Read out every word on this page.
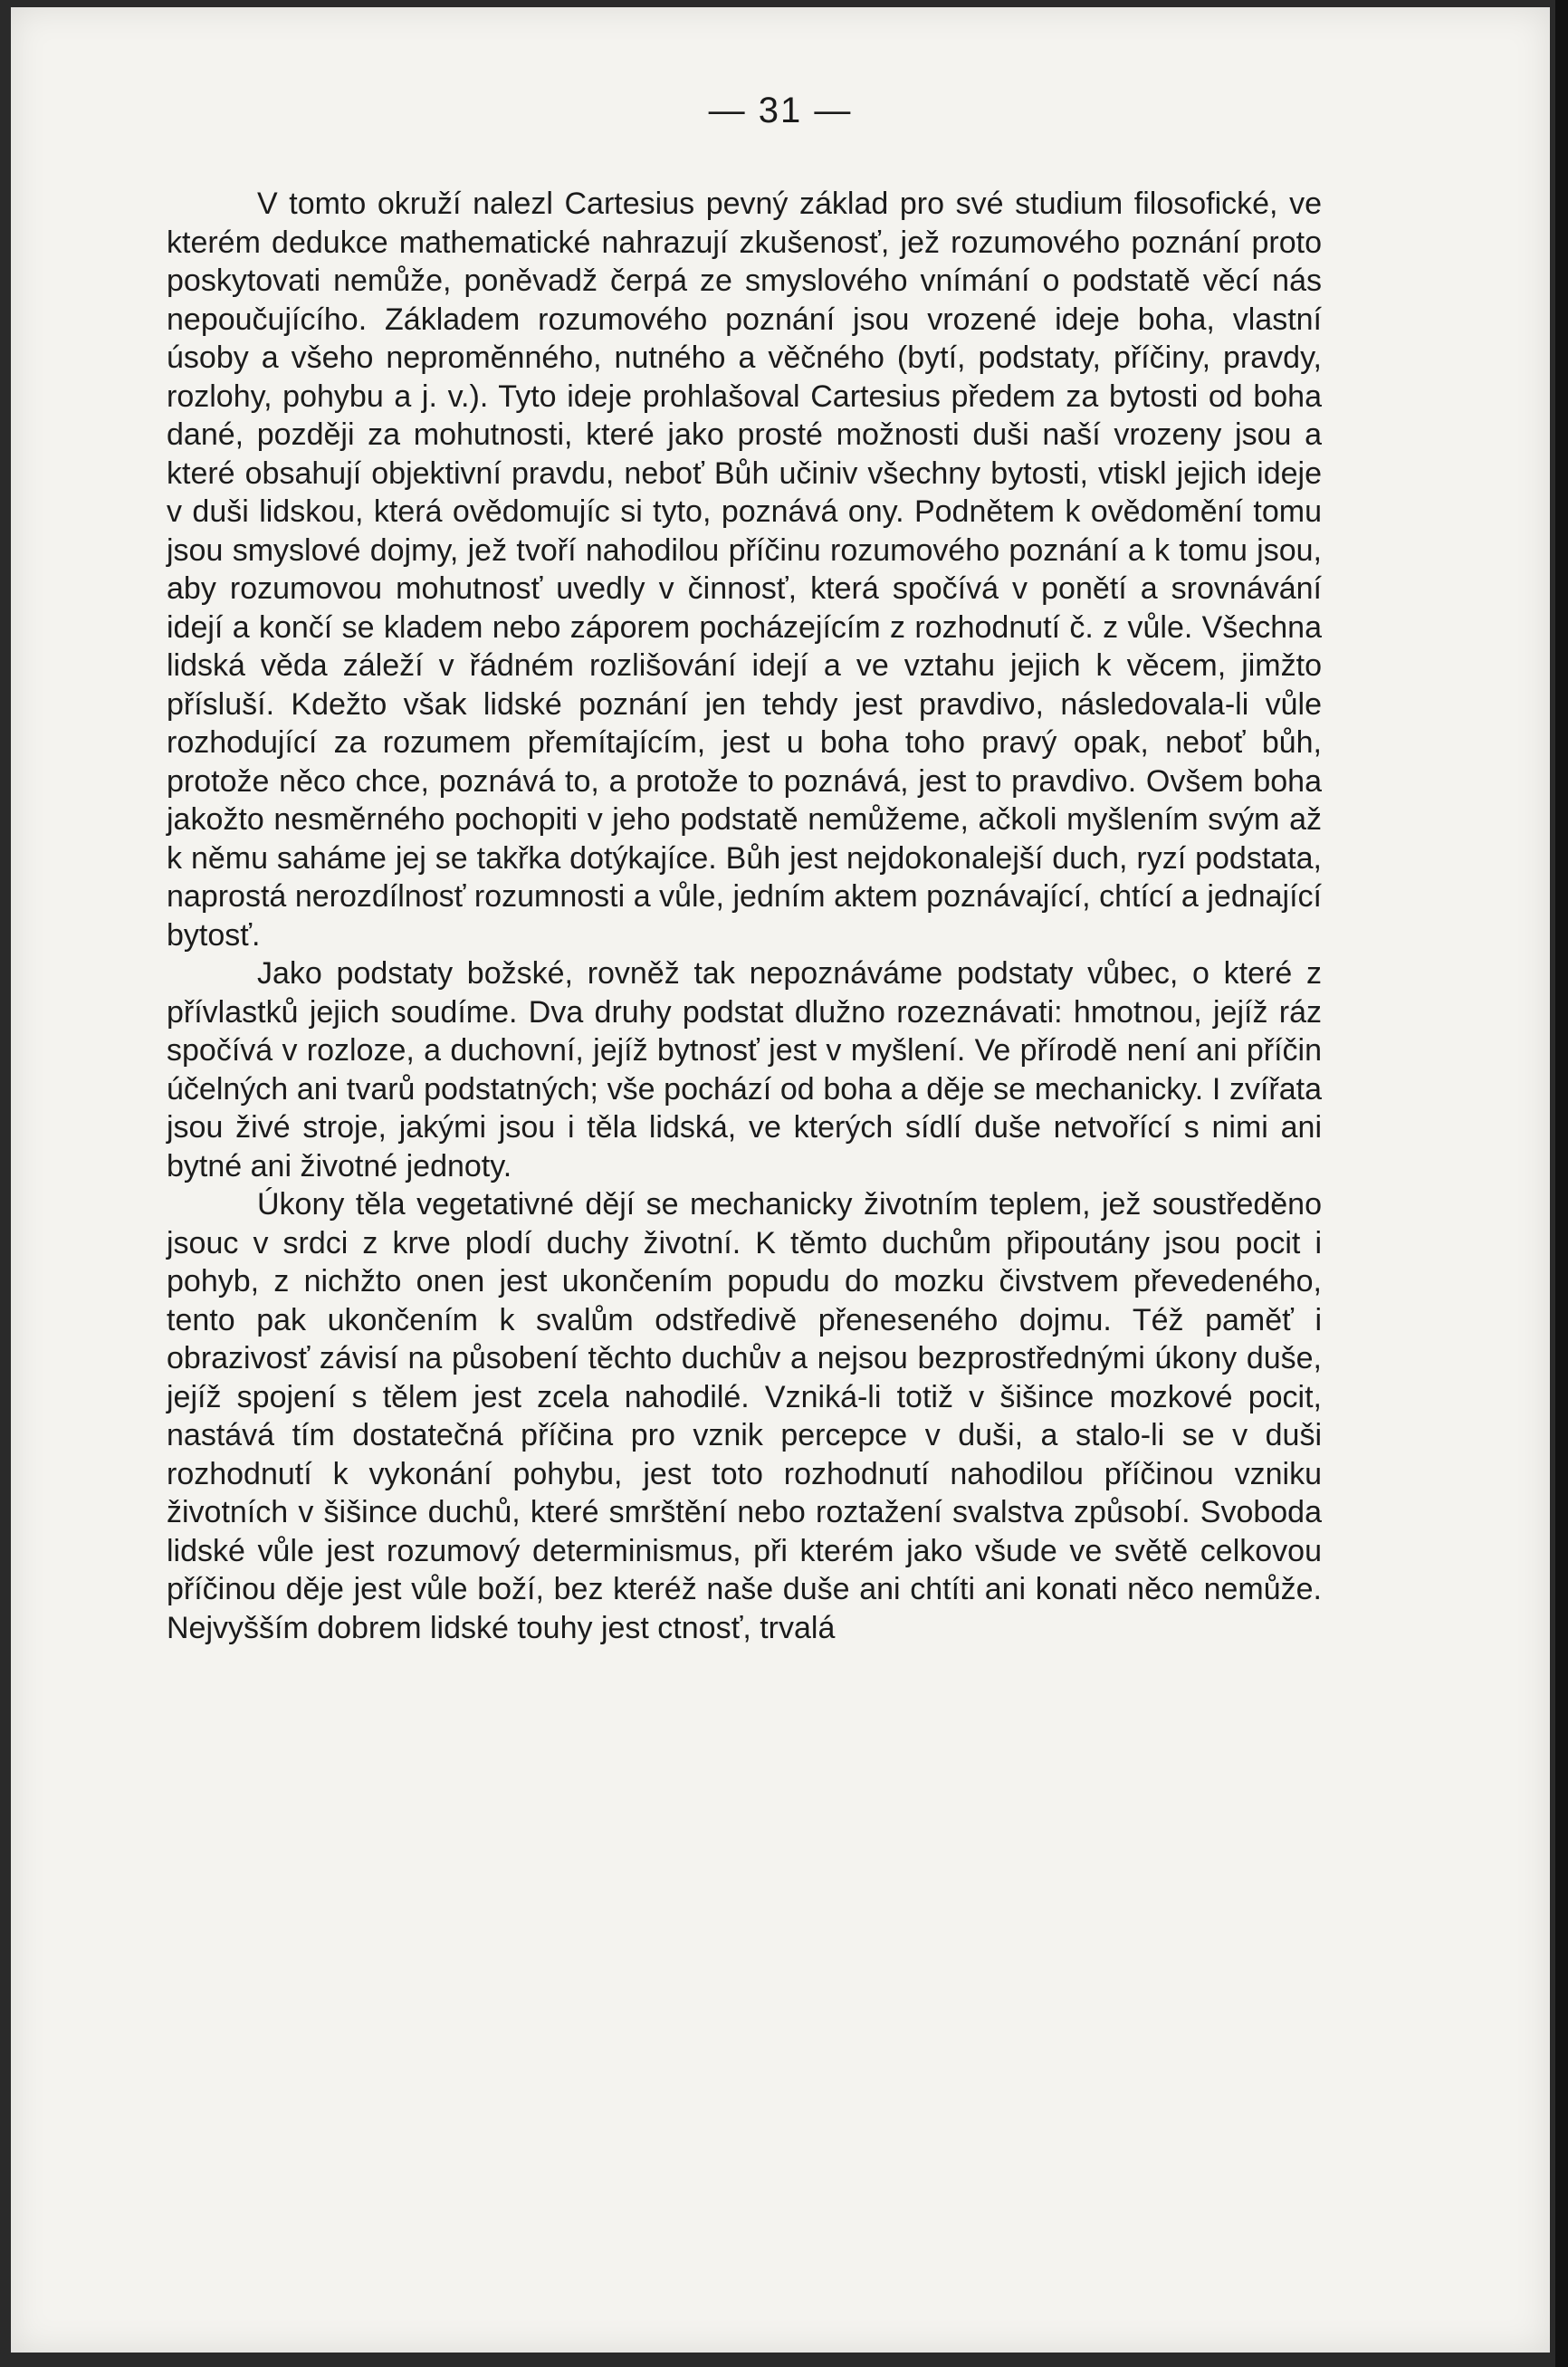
— 31 —

V tomto okruží nalezl Cartesius pevný základ pro své studium filosofické, ve kterém dedukce mathematické nahrazují zkušenosť, jež rozumového poznání proto poskytovati nemůže, poněvadž čerpá ze smyslového vnímání o podstatě věcí nás nepoučujícího. Základem rozumového poznání jsou vrozené ideje boha, vlastní úsoby a všeho nepromĕnného, nutného a věčného (bytí, podstaty, příčiny, pravdy, rozlohy, pohybu a j. v.). Tyto ideje prohlašoval Cartesius předem za bytosti od boha dané, později za mohutnosti, které jako prosté možnosti duši naší vrozeny jsou a které obsahují objektivní pravdu, neboť Bůh učiniv všechny bytosti, vtiskl jejich ideje v duši lidskou, která ovědomujíc si tyto, poznává ony. Podnětem k ovědomění tomu jsou smyslové dojmy, jež tvoří nahodilou příčinu rozumového poznání a k tomu jsou, aby rozumovou mohutnosť uvedly v činnosť, která spočívá v ponětí a srovnávání idejí a končí se kladem nebo záporem pocházejícím z rozhodnutí č. z vůle. Všechna lidská věda záleží v řádném rozlišování idejí a ve vztahu jejich k věcem, jimžto přísluší. Kdežto však lidské poznání jen tehdy jest pravdivo, následovala-li vůle rozhodující za rozumem přemítajícím, jest u boha toho pravý opak, neboť bůh, protože něco chce, poznává to, a protože to poznává, jest to pravdivo. Ovšem boha jakožto nesmĕrného pochopiti v jeho podstatě nemůžeme, ačkoli myšlením svým až k němu saháme jej se takřka dotýkajíce. Bůh jest nejdokonalejší duch, ryzí podstata, naprostá nerozdílnosť rozumnosti a vůle, jedním aktem poznávající, chtící a jednající bytosť.

Jako podstaty božské, rovněž tak nepoznáváme podstaty vůbec, o které z přívlastků jejich soudíme. Dva druhy podstat dlužno rozeznávati: hmotnou, jejíž ráz spočívá v rozloze, a duchovní, jejíž bytnosť jest v myšlení. Ve přírodě není ani příčin účelných ani tvarů podstatných; vše pochází od boha a děje se mechanicky. I zvířata jsou živé stroje, jakými jsou i těla lidská, ve kterých sídlí duše netvořící s nimi ani bytné ani životné jednoty.

Úkony těla vegetativné dějí se mechanicky životním teplem, jež soustředěno jsouc v srdci z krve plodí duchy životní. K těmto duchům připoutány jsou pocit i pohyb, z nichžto onen jest ukončením popudu do mozku čivstvem převedeného, tento pak ukončením k svalům odstředivě přeneseného dojmu. Též paměť i obrazivosť závisí na působení těchto duchův a nejsou bezprostřednými úkony duše, jejíž spojení s tělem jest zcela nahodilé. Vzniká-li totiž v šišince mozkové pocit, nastává tím dostatečná příčina pro vznik percepce v duši, a stalo-li se v duši rozhodnutí k vykonání pohybu, jest toto rozhodnutí nahodilou příčinou vzniku životních v šišince duchů, které smrštění nebo roztažení svalstva způsobí. Svoboda lidské vůle jest rozumový determinismus, při kterém jako všude ve světě celkovou příčinou děje jest vůle boží, bez kteréž naše duše ani chtíti ani konati něco nemůže. Nejvyšším dobrem lidské touhy jest ctnosť, trvalá
